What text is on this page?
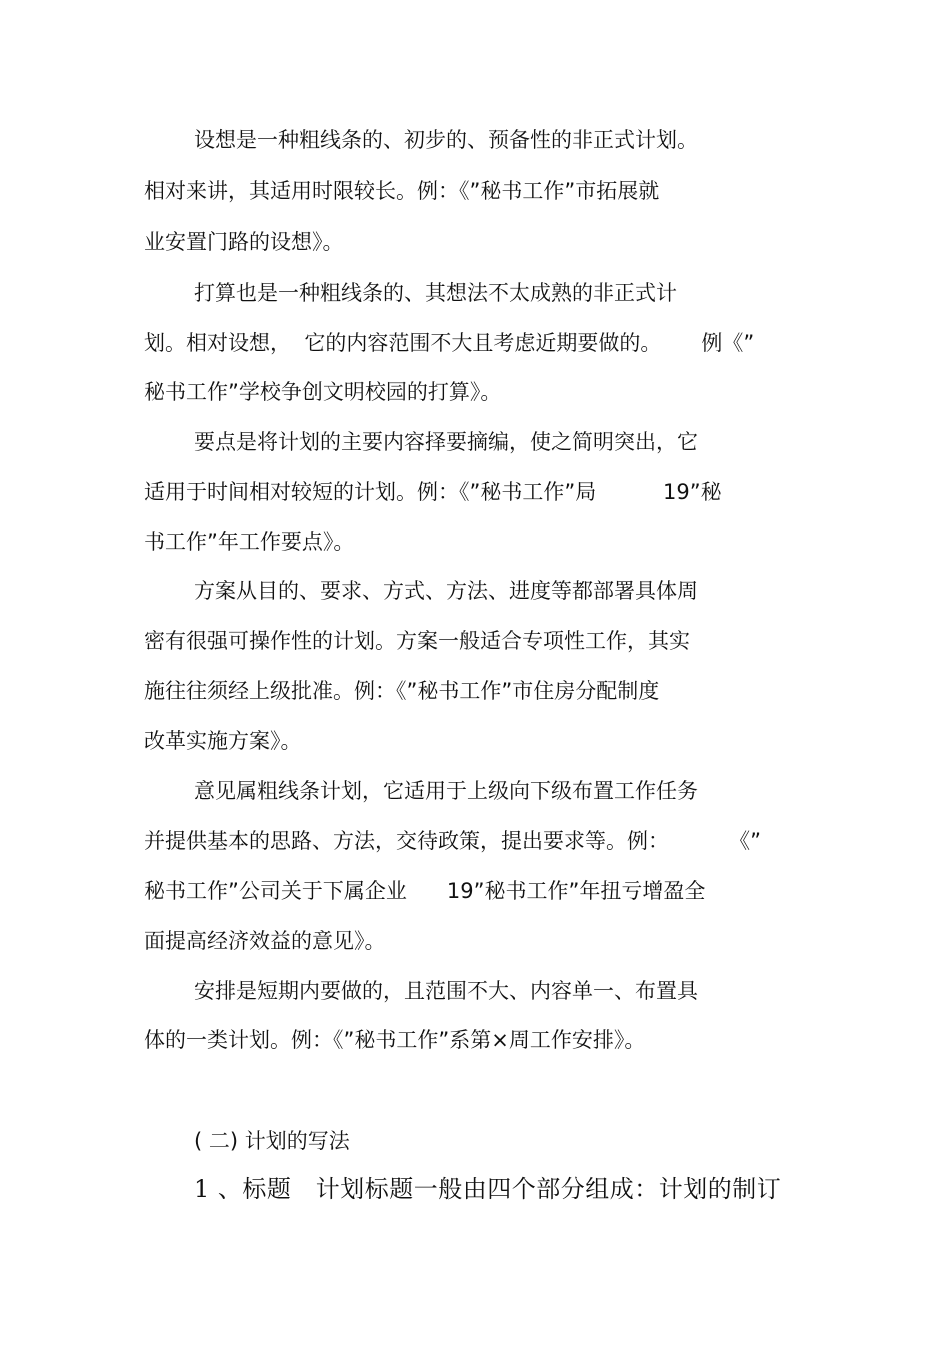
设想是一种粗线条的、初步的、预备性的非正式计划。

相对来讲，其适用时限较长。例：《”秘书工作”市拓展就

业安置门路的设想》。

打算也是一种粗线条的、其想法不太成熟的非正式计

划。相对设想，  它的内容范围不大且考虑近期要做的。      例《”

秘书工作”学校争创文明校园的打算》。

要点是将计划的主要内容择要摘编，使之简明突出，它

适用于时间相对较短的计划。例：《”秘书工作”局          19”秘

书工作”年工作要点》。

方案从目的、要求、方式、方法、进度等都部署具体周

密有很强可操作性的计划。方案一般适合专项性工作，其实

施往往须经上级批准。例：《”秘书工作”市住房分配制度

改革实施方案》。

意见属粗线条计划，它适用于上级向下级布置工作任务

并提供基本的思路、方法，交待政策，提出要求等。例：         《”

秘书工作”公司关于下属企业      19”秘书工作”年扭亏增盈全

面提高经济效益的意见》。

安排是短期内要做的，且范围不大、内容单一、布置具

体的一类计划。例：《”秘书工作”系第×周工作安排》。

( 二) 计划的写法

1 、标题   计划标题一般由四个部分组成：计划的制订
